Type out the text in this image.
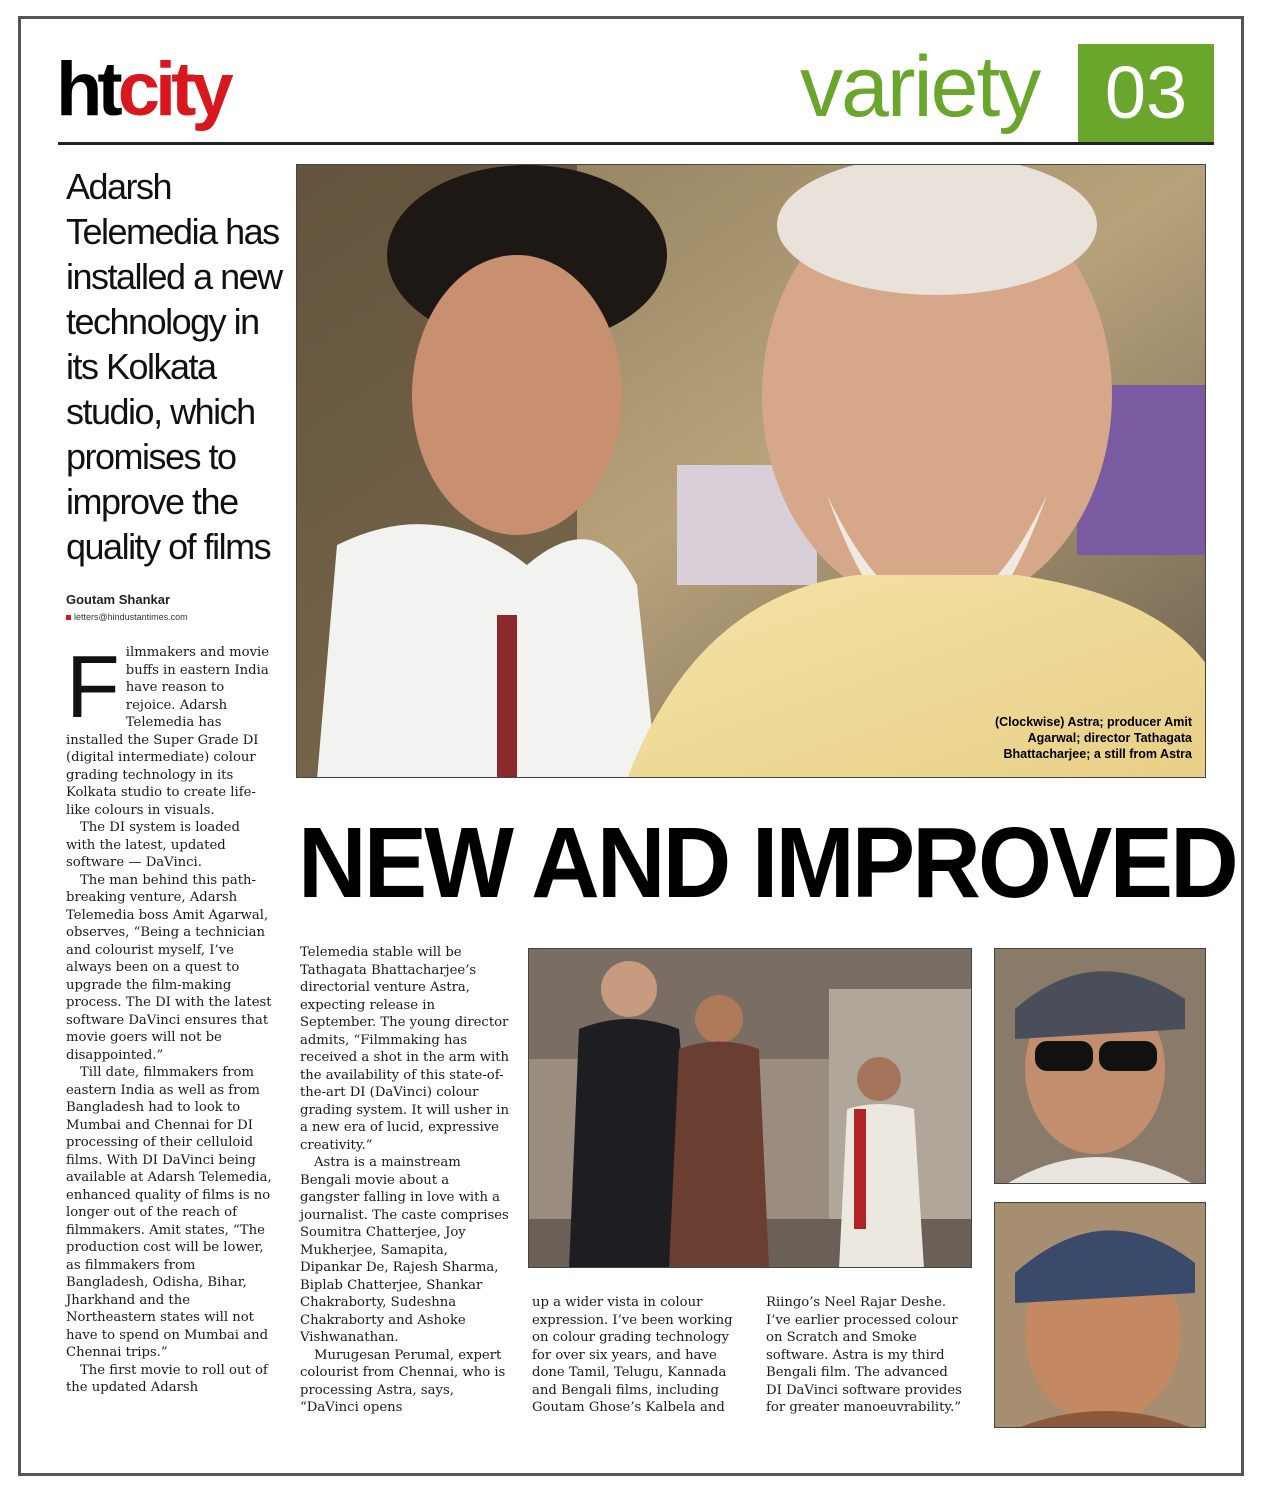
htcity	variety 03
Adarsh Telemedia has installed a new technology in its Kolkata studio, which promises to improve the quality of films
Goutam Shankar
letters@hindustantimes.com
(Clockwise) Astra; producer Amit Agarwal; director Tathagata Bhattacharjee; a still from Astra
NEW AND IMPROVED
F ilmmakers and movie buffs in eastern India have reason to rejoice. Adarsh Telemedia has installed the Super Grade DI (digital intermediate) colour grading technology in its Kolkata studio to create life-like colours in visuals.

The DI system is loaded with the latest, updated software — DaVinci.

The man behind this path-breaking venture, Adarsh Telemedia boss Amit Agarwal, observes, “Being a technician and colourist myself, I’ve always been on a quest to upgrade the film-making process. The DI with the latest software DaVinci ensures that movie goers will not be disappointed.”

Till date, filmmakers from eastern India as well as from Bangladesh had to look to Mumbai and Chennai for DI processing of their celluloid films. With DI DaVinci being available at Adarsh Telemedia, enhanced quality of films is no longer out of the reach of filmmakers. Amit states, “The production cost will be lower, as filmmakers from Bangladesh, Odisha, Bihar, Jharkhand and the Northeastern states will not have to spend on Mumbai and Chennai trips.”

The first movie to roll out of the updated Adarsh

Telemedia stable will be Tathagata Bhattacharjee’s directorial venture Astra, expecting release in September. The young director admits, “Filmmaking has received a shot in the arm with the availability of this state-of-the-art DI (DaVinci) colour grading system. It will usher in a new era of lucid, expressive creativity.”

Astra is a mainstream Bengali movie about a gangster falling in love with a journalist. The caste comprises Soumitra Chatterjee, Joy Mukherjee, Samapita, Dipankar De, Rajesh Sharma, Biplab Chatterjee, Shankar Chakraborty, Sudeshna Chakraborty and Ashoke Vishwanathan.

Murugesan Perumal, expert colourist from Chennai, who is processing Astra, says, “DaVinci opens

up a wider vista in colour expression. I’ve been working on colour grading technology for over six years, and have done Tamil, Telugu, Kannada and Bengali films, including Goutam Ghose’s Kalbela and

Riingo’s Neel Rajar Deshe. I’ve earlier processed colour on Scratch and Smoke software. Astra is my third Bengali film. The advanced DI DaVinci software provides for greater manoeuvrability.”
